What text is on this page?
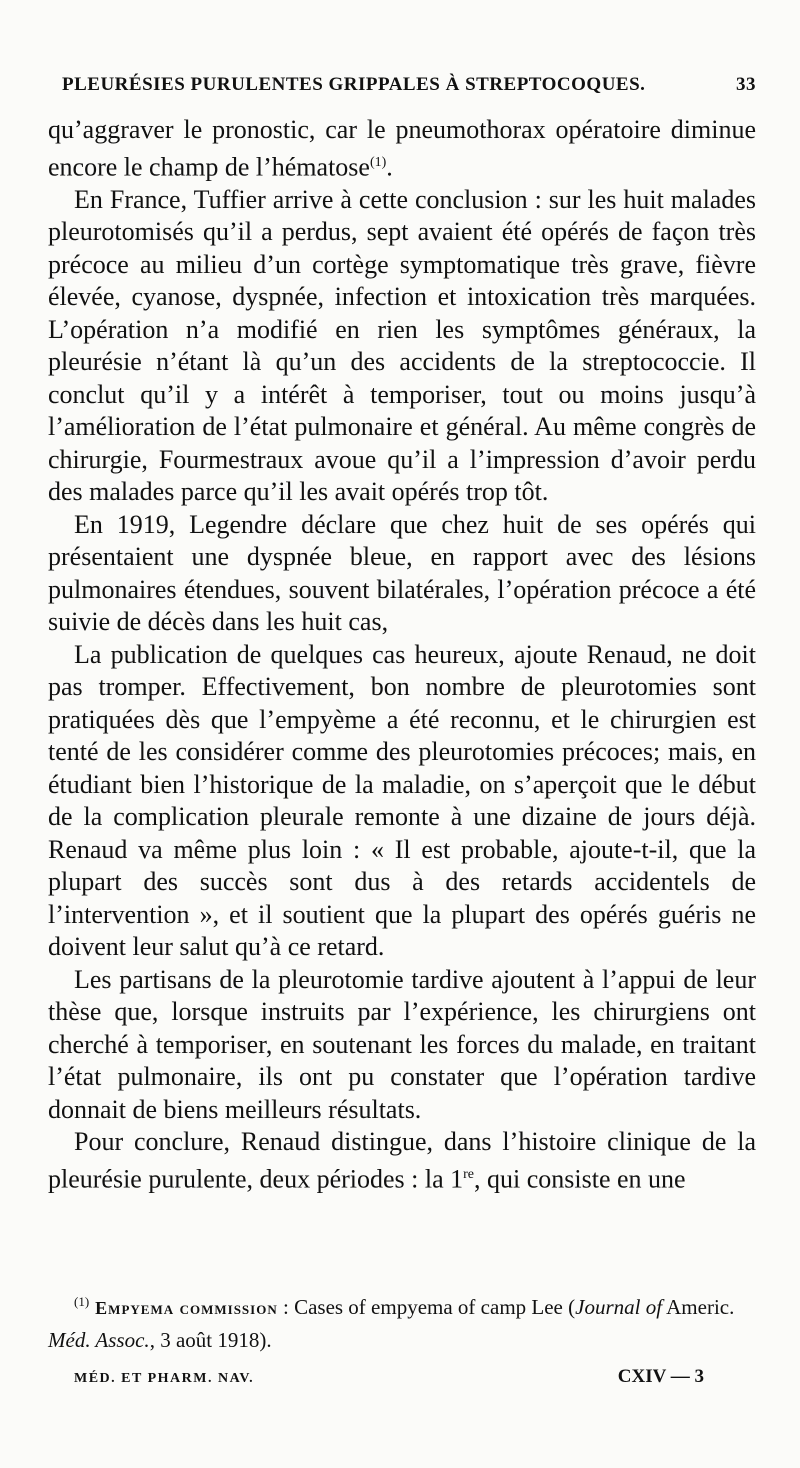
PLEURÉSIES PURULENTES GRIPPALES À STREPTOCOQUES.	33

qu’aggraver le pronostic, car le pneumothorax opératoire diminue encore le champ de l’hématose$^{(1)}$.

En France, Tuffier arrive à cette conclusion : sur les huit malades pleurotomisés qu’il a perdus, sept avaient été opérés de façon très précoce au milieu d’un cortège symptomatique très grave, fièvre élevée, cyanose, dyspnée, infection et intoxication très marquées. L’opération n’a modifié en rien les symptômes généraux, la pleurésie n’étant là qu’un des accidents de la streptococcie. Il conclut qu’il y a intérêt à temporiser, tout ou moins jusqu’à l’amélioration de l’état pulmonaire et général. Au même congrès de chirurgie, Fourmestraux avoue qu’il a l’impression d’avoir perdu des malades parce qu’il les avait opérés trop tôt.

En 1919, Legendre déclare que chez huit de ses opérés qui présentaient une dyspnée bleue, en rapport avec des lésions pulmonaires étendues, souvent bilatérales, l’opération précoce a été suivie de décès dans les huit cas,

La publication de quelques cas heureux, ajoute Renaud, ne doit pas tromper. Effectivement, bon nombre de pleurotomies sont pratiquées dès que l’empyème a été reconnu, et le chirurgien est tenté de les considérer comme des pleurotomies précoces; mais, en étudiant bien l’historique de la maladie, on s’aperçoit que le début de la complication pleurale remonte à une dizaine de jours déjà. Renaud va même plus loin : « Il est probable, ajoute-t-il, que la plupart des succès sont dus à des retards accidentels de l’intervention », et il soutient que la plupart des opérés guéris ne doivent leur salut qu’à ce retard.

Les partisans de la pleurotomie tardive ajoutent à l’appui de leur thèse que, lorsque instruits par l’expérience, les chirurgiens ont cherché à temporiser, en soutenant les forces du malade, en traitant l’état pulmonaire, ils ont pu constater que l’opération tardive donnait de biens meilleurs résultats.

Pour conclure, Renaud distingue, dans l’histoire clinique de la pleurésie purulente, deux périodes : la 1re, qui consiste en une

$^{(1)}$ Empyema commission : Cases of empyema of camp Lee (Journal of Americ. Méd. Assoc., 3 août 1918).
MÉD. ET PHARM. NAV.	CXIV — 3
